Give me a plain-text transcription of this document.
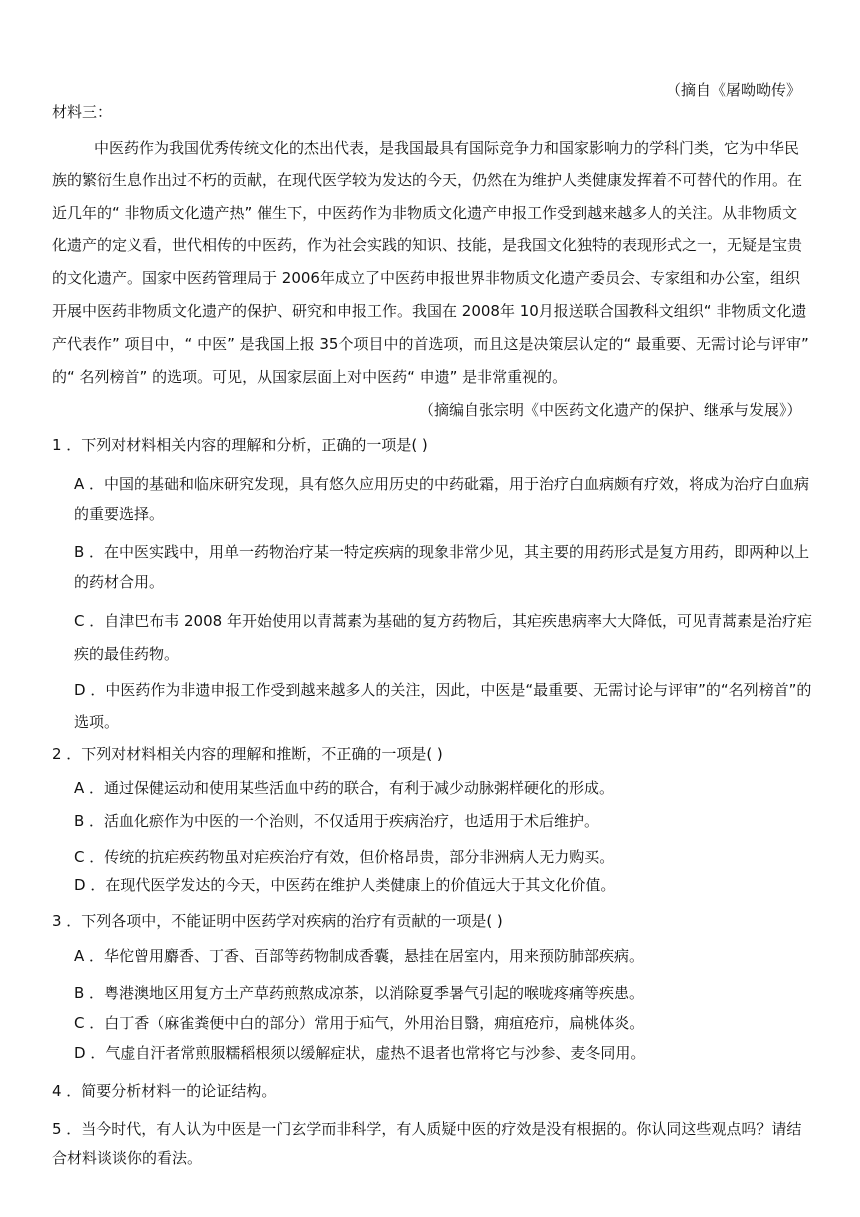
（摘自《屠呦呦传》
材料三：
中医药作为我国优秀传统文化的杰出代表，是我国最具有国际竞争力和国家影响力的学科门类，它为中华民
族的繁衍生息作出过不朽的贡献，在现代医学较为发达的今天，仍然在为维护人类健康发挥着不可替代的作用。在
近几年的“ 非物质文化遗产热” 催生下，中医药作为非物质文化遗产申报工作受到越来越多人的关注。从非物质文
化遗产的定义看，世代相传的中医药，作为社会实践的知识、技能，是我国文化独特的表现形式之一，无疑是宝贵
的文化遗产。国家中医药管理局于 2006年成立了中医药申报世界非物质文化遗产委员会、专家组和办公室，组织
开展中医药非物质文化遗产的保护、研究和申报工作。我国在 2008年 10月报送联合国教科文组织“ 非物质文化遗
产代表作” 项目中，“ 中医” 是我国上报 35个项目中的首选项，而且这是决策层认定的“ 最重要、无需讨论与评审”
的“ 名列榜首” 的选项。可见，从国家层面上对中医药“ 申遗” 是非常重视的。
（摘编自张宗明《中医药文化遗产的保护、继承与发展》）
1 ．下列对材料相关内容的理解和分析，正确的一项是( )
A ．中国的基础和临床研究发现，具有悠久应用历史的中药砒霜，用于治疗白血病颇有疗效，将成为治疗白血病
的重要选择。
B ．在中医实践中，用单一药物治疗某一特定疾病的现象非常少见，其主要的用药形式是复方用药，即两种以上
的药材合用。
C ．自津巴布韦 2008 年开始使用以青蒿素为基础的复方药物后，其疟疾患病率大大降低，可见青蒿素是治疗疟
疾的最佳药物。
D ．中医药作为非遗申报工作受到越来越多人的关注，因此，中医是“最重要、无需讨论与评审”的“名列榜首”的
选项。
2 ．下列对材料相关内容的理解和推断，不正确的一项是( )
A ．通过保健运动和使用某些活血中药的联合，有利于减少动脉粥样硬化的形成。
B ．活血化瘀作为中医的一个治则，不仅适用于疾病治疗，也适用于术后维护。
C ．传统的抗疟疾药物虽对疟疾治疗有效，但价格昂贵，部分非洲病人无力购买。
D ．在现代医学发达的今天，中医药在维护人类健康上的价值远大于其文化价值。
3 ．下列各项中，不能证明中医药学对疾病的治疗有贡献的一项是( )
A ．华佗曾用麝香、丁香、百部等药物制成香囊，悬挂在居室内，用来预防肺部疾病。
B ．粤港澳地区用复方土产草药煎熬成凉茶，以消除夏季暑气引起的喉咙疼痛等疾患。
C ．白丁香（麻雀粪便中白的部分）常用于疝气，外用治目翳，痈疽疮疖，扁桃体炎。
D ．气虚自汗者常煎服糯稻根须以缓解症状，虚热不退者也常将它与沙参、麦冬同用。
4 ．简要分析材料一的论证结构。
5 ．当今时代，有人认为中医是一门玄学而非科学，有人质疑中医的疗效是没有根据的。你认同这些观点吗？请结
合材料谈谈你的看法。
